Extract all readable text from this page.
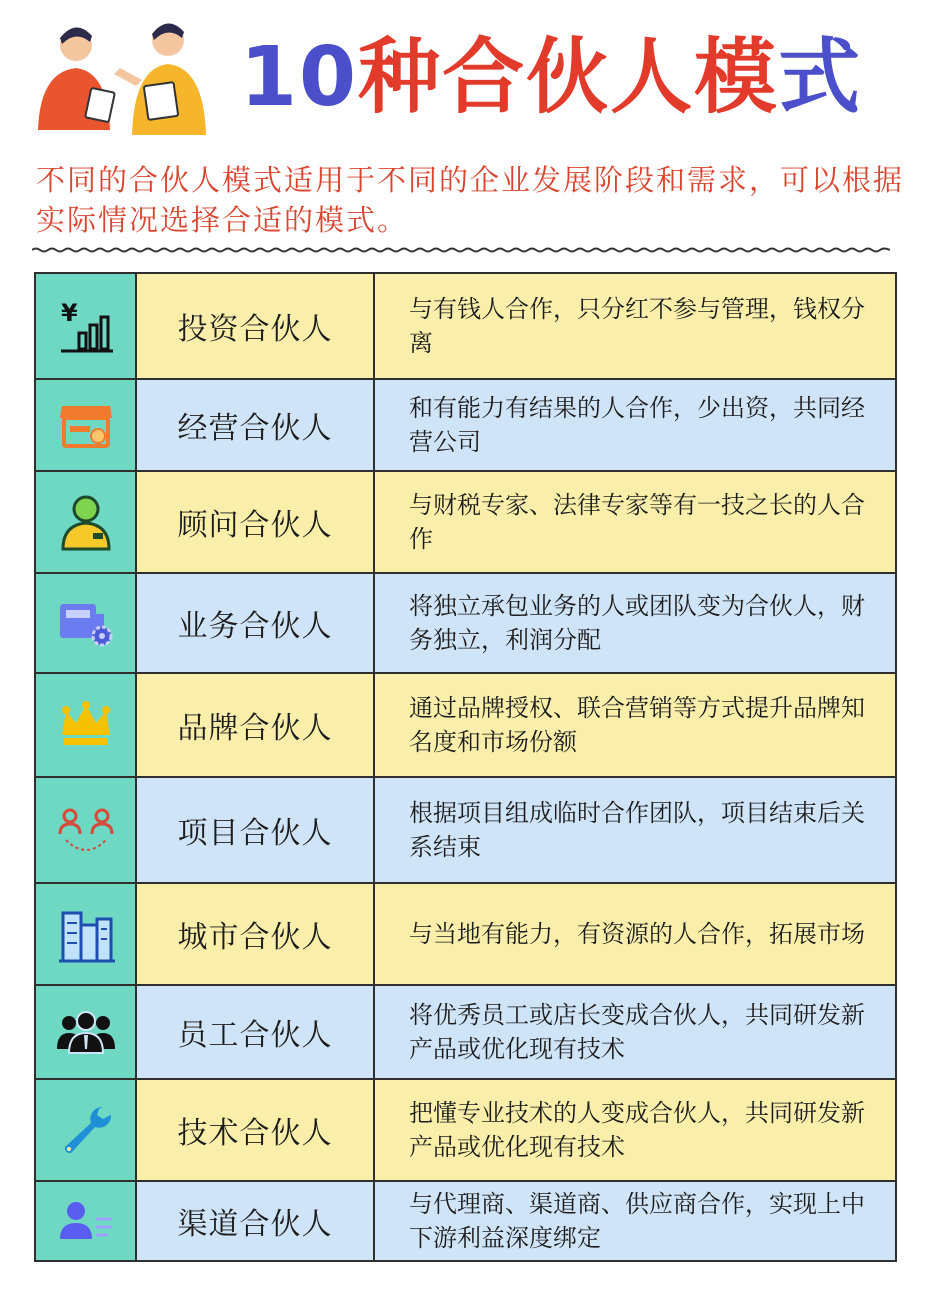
10种合伙人模式
不同的合伙人模式适用于不同的企业发展阶段和需求，可以根据实际情况选择合适的模式。
¥	投资合伙人
与有钱人合作，只分红不参与管理，钱权分离
经营合伙人
和有能力有结果的人合作，少出资，共同经营公司
顾问合伙人
与财税专家、法律专家等有一技之长的人合作
业务合伙人
将独立承包业务的人或团队变为合伙人，财务独立，利润分配
品牌合伙人
通过品牌授权、联合营销等方式提升品牌知名度和市场份额
项目合伙人
根据项目组成临时合作团队，项目结束后关系结束
城市合伙人	与当地有能力，有资源的人合作，拓展市场
员工合伙人
将优秀员工或店长变成合伙人，共同研发新产品或优化现有技术
技术合伙人
把懂专业技术的人变成合伙人，共同研发新产品或优化现有技术
渠道合伙人
与代理商、渠道商、供应商合作，实现上中下游利益深度绑定
